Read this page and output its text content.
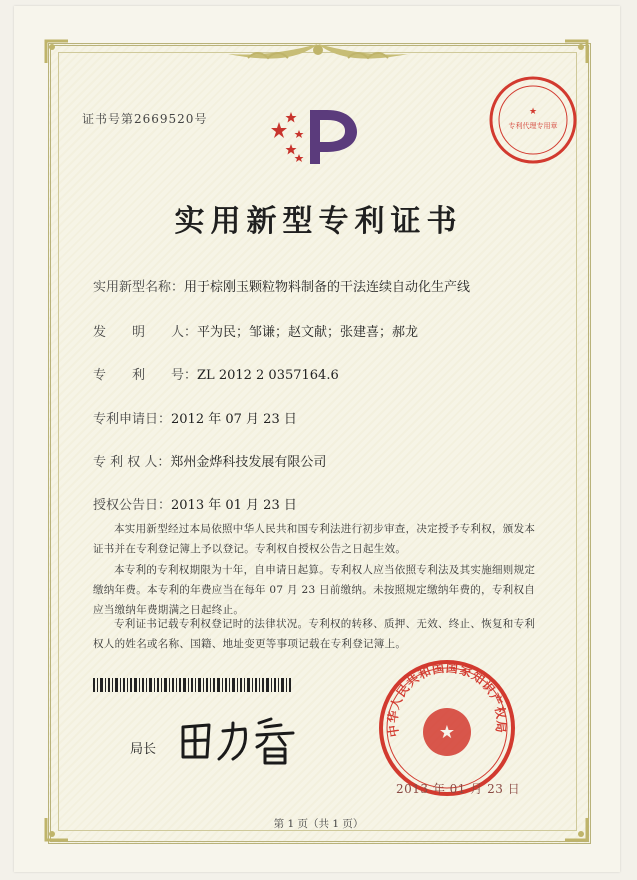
证书号第2669520号	★
专利代理专用章
实用新型专利证书
实用新型名称：用于棕刚玉颗粒物料制备的干法连续自动化生产线
发　　明　　人：平为民；邹谦；赵文献；张建喜；郝龙
专　　利　　号：ZL 2012 2 0357164.6
专利申请日：2012 年 07 月 23 日
专 利 权 人：郑州金烨科技发展有限公司
授权公告日：2013 年 01 月 23 日
本实用新型经过本局依照中华人民共和国专利法进行初步审查，决定授予专利权，颁发本证书并在专利登记簿上予以登记。专利权自授权公告之日起生效。
本专利的专利权期限为十年，自申请日起算。专利权人应当依照专利法及其实施细则规定缴纳年费。本专利的年费应当在每年 07 月 23 日前缴纳。未按照规定缴纳年费的，专利权自应当缴纳年费期满之日起终止。
专利证书记载专利权登记时的法律状况。专利权的转移、质押、无效、终止、恢复和专利权人的姓名或名称、国籍、地址变更等事项记载在专利登记簿上。
局长
中华人民共和国国家知识产权局
★
2013 年 01 月 23 日
第 1 页（共 1 页）
